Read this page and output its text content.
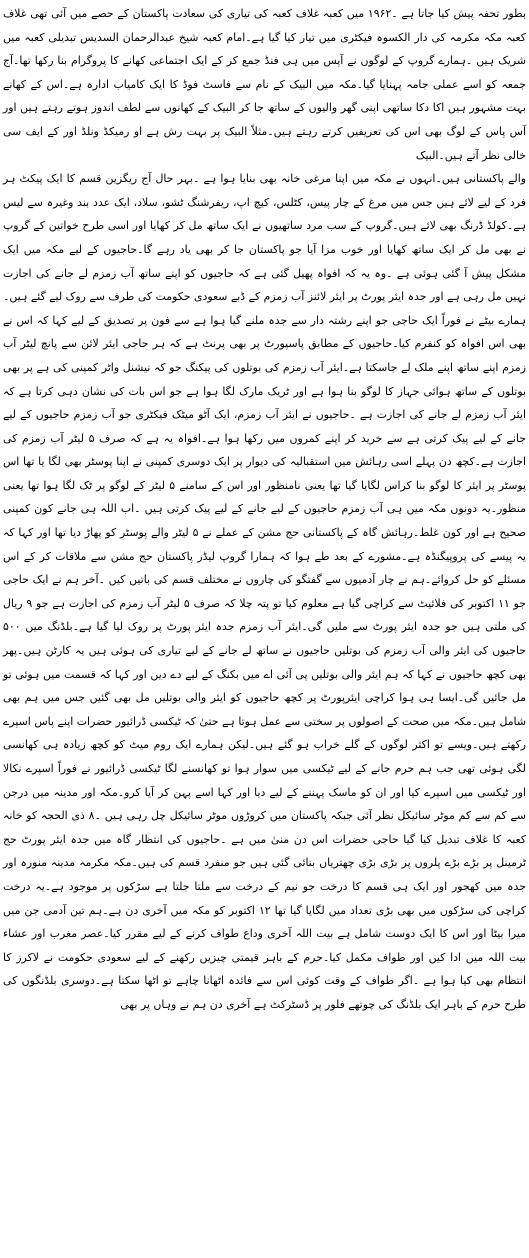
بطور تحفہ پیش کیا جاتا ہے ۔۱۹۶۲ میں کعبہ غلاف کعبہ کی تیاری کی سعادت پاکستان کے حصے میں آئی تھی غلاف کعبہ مکہ مکرمہ کی دار الکسوہ فیکٹری میں تیار کیا گیا ہے۔امام کعبہ شیخ عبدالرحمان السدیس تبدیلی کعبہ میں شریک ہیں ۔ہمارے گروپ کے لوگوں نے آپس میں ہی فنڈ جمع کر کے ایک اجتماعی کھانے کا پروگرام بنا رکھا تھا۔آج جمعہ کو اسے عملی جامہ پہنایا گیا۔مکہ میں البیک کے نام سے فاسٹ فوڈ کا ایک کامیاب ادارہ ہے۔اس کے کھانے بہت مشہور ہیں اکا دکا ساتھی اپنی گھر والیوں کے ساتھ جا کر البیک کے کھانوں سے لطف اندوز ہوتے رہتے ہیں اور آس پاس کے لوگ بھی اس کی تعریفیں کرتے رہتے ہیں۔مثلاً البیک پر بہت رش ہے او رمیکڈ ونلڈ اور کے ایف سی خالی نظر آتے ہیں۔البیک

والے پاکستانی ہیں۔انہوں نے مکہ میں اپنا مرغی خانہ بھی بنایا ہوا ہے ۔بہر حال آج ریگزین قسم کا ایک پیکٹ ہر فرد کے لیے لائے ہیں جس میں مرغ کے چار پیس، کٹلس، کیچ اپ، ریفرشنگ ٹشو، سلاد، ایک عدد بند وغیرہ سے لیس ہے۔کولڈ ڈرنگ بھی لائے ہیں۔گروپ کے سب مرد ساتھیوں نے ایک ساتھ مل کر کھایا اور اسی طرح خواتین کے گروپ نے بھی مل کر ایک ساتھ کھایا اور خوب مزا آیا جو پاکستان جا کر بھی یاد رہے گا۔حاجیوں کے لیے مکہ میں ایک مشکل پیش آ گئی ہوئی ہے ۔وہ یہ کہ افواہ پھیل گئی ہے کہ حاجیوں کو اپنے ساتھ آب زمزم لے جانے کی اجازت نہیں مل رہی ہے اور جدہ ایئر پورٹ پر ایئر لائنز آب زمزم کے ڈبے سعودی حکومت کی طرف سے روک لیے گئے ہیں۔ہمارے بیٹے نے فوراً ایک حاجی جو اپنے رشتہ دار سے جدہ ملنے گیا ہوا ہے سے فون پر تصدیق کے لیے کہا کہ اس نے بھی اس افواہ کو کنفرم کیا۔حاجیوں کے مطابق پاسپورٹ پر بھی پرنٹ ہے کہ ہر حاجی ایئر لائن سے پانچ لیٹر آب زمزم اپنے ساتھ اپنے ملک لے جاسکتا ہے۔ایئر آب زمزم کی بوتلوں کی پیکنگ جو کہ نیشنل واٹر کمپنی کی ہے پر بھی بوتلوں کے ساتھ ہوائی جہاز کا لوگو بنا ہوا ہے اور ٹریک مارک لگا ہوا ہے جو اس بات کی نشان دہی کرتا ہے کہ ایئر آب زمزم لے جانے کی اجازت ہے ۔حاجیوں نے ایئر آب زمزم، ایک آٹو میٹک فیکٹری جو آب زمزم حاجیوں کے لیے جانے کے لیے پیک کرتی ہے سے خرید کر اپنے کمروں میں رکھا ہوا ہے۔افواہ یہ ہے کہ صرف ۵ لیٹر آب زمزم کی اجازت ہے۔کچھ دن پہلے اسی رہائش میں استقبالیہ کی دیوار پر ایک دوسری کمپنی نے اپنا پوسٹر بھی لگا یا تھا اس پوسٹر پر ایئر کا لوگو بنا کراس لگایا گیا تھا یعنی نامنظور اور اس کے سامنے ۵ لیٹر کے لوگو پر ٹک لگا ہوا تھا یعنی منظور۔یہ دونوں مکہ میں ہی آب زمزم حاجیوں کے لیے جانے کے لیے پیک کرتی ہیں ۔اب اللہ ہی جانے کون کمپنی صحیح ہے اور کون غلط۔رہائش گاہ کے پاکستانی حج مشن کے عملے نے ۵ لیٹر والے پوسٹر کو پھاڑ دیا تھا اور کہا کہ یہ پیسے کی پروپیگنڈہ ہے۔مشورے کے بعد طے ہوا کہ ہمارا گروپ لیڈر پاکستان حج مشن سے ملاقات کر کے اس مسئلے کو حل کروائے۔ہم نے چار آدمیوں سے گفتگو کی چاروں نے مختلف قسم کی باتیں کیں ۔آخر ہم نے ایک حاجی جو ۱۱ اکتوبر کی فلائیٹ سے کراچی گیا ہے معلوم کیا تو پتہ چلا کہ صرف ۵ لیٹر آب زمزم کی اجازت ہے جو ۹ ریال کی ملتی ہیں جو جدہ ایئر پورٹ سے ملیں گی۔ایئر آب زمزم جدہ ایئر پورٹ پر روک لیا گیا ہے۔بلڈنگ میں ۵۰۰ حاجیوں کی ایئر والی آب زمزم کی بوتلیں حاجیوں نے ساتھ لے جانے کے لیے تیاری کی ہوئی ہیں یہ کارٹن ہیں۔پھر بھی کچھ حاجیوں نے کہا کہ ہم ایئر والی بوتلیں پی آئی اے میں بکنگ کے لیے دے دیں اور کہا کہ قسمت میں ہوئی تو مل جائیں گی۔ایسا ہی ہوا کراچی ایئرپورٹ پر کچھ حاجیوں کو ایئر والی بوتلیں مل بھی گئیں جس میں ہم بھی شامل ہیں۔مکہ میں صحت کے اصولوں پر سختی سے عمل ہوتا ہے حتیٰ کہ ٹیکسی ڈرائیور حضرات اپنے پاس اسپرے رکھتے ہیں۔ویسے تو اکثر لوگوں کے گلے خراب ہو گئے ہیں۔لیکن ہمارے ایک روم میٹ کو کچھ زیادہ ہی کھانسی لگی ہوئی تھی جب ہم حرم جانے کے لیے ٹیکسی میں سوار ہوا تو کھانسنے لگا ٹیکسی ڈرائیور نے فوراً اسپرے نکالا اور ٹیکسی میں اسپرے کیا اور ان کو ماسک پہننے کے لیے دیا اور کہا اسے پہن کر آیا کرو۔مکہ اور مدینہ میں درجن سے کم سے کم موٹر سائیکل نظر آئی جبکہ پاکستان میں کروڑوں موٹر سائیکل چل رہی ہیں ۔۸ ذی الحجہ کو خانہ کعبہ کا غلاف تبدیل کیا گیا حاجی حضرات اس دن منیٰ میں ہے ۔حاجیوں کی انتظار گاہ میں جدہ ایئر پورٹ حج ٹرمینل پر بڑے بڑے پلروں پر بڑی بڑی چھتریاں بنائی گئی ہیں جو منفرد قسم کی ہیں۔مکہ مکرمہ مدینہ منورہ اور جدہ میں کھجور اور ایک ہی قسم کا درخت جو نیم کے درخت سے ملتا جلتا ہے سڑکوں پر موجود ہے۔یہ درخت کراچی کی سڑکوں میں بھی بڑی تعداد میں لگایا گیا تھا ۱۲ اکتوبر کو مکہ میں آخری دن ہے۔ہم تین آدمی جن میں میرا بیٹا اور اس کا ایک دوست شامل ہے بیت اللہ آخری وداع طواف کرنے کے لیے مقرر کیا۔عصر مغرب اور عشاء بیت اللہ میں ادا کیں اور طواف مکمل کیا۔حرم کے باہر قیمتی چیزیں رکھنے کے لیے سعودی حکومت نے لاکرز کا انتظام بھی کیا ہوا ہے ۔اگر طواف کے وقت کوئی اس سے فائدہ اٹھانا چاہے تو اٹھا سکتا ہے۔دوسری بلڈنگوں کی طرح حرم کے باہر ایک بلڈنگ کی چوتھے فلور پر ڈسٹرکٹ ہے آخری دن ہم نے وہاں پر بھی
